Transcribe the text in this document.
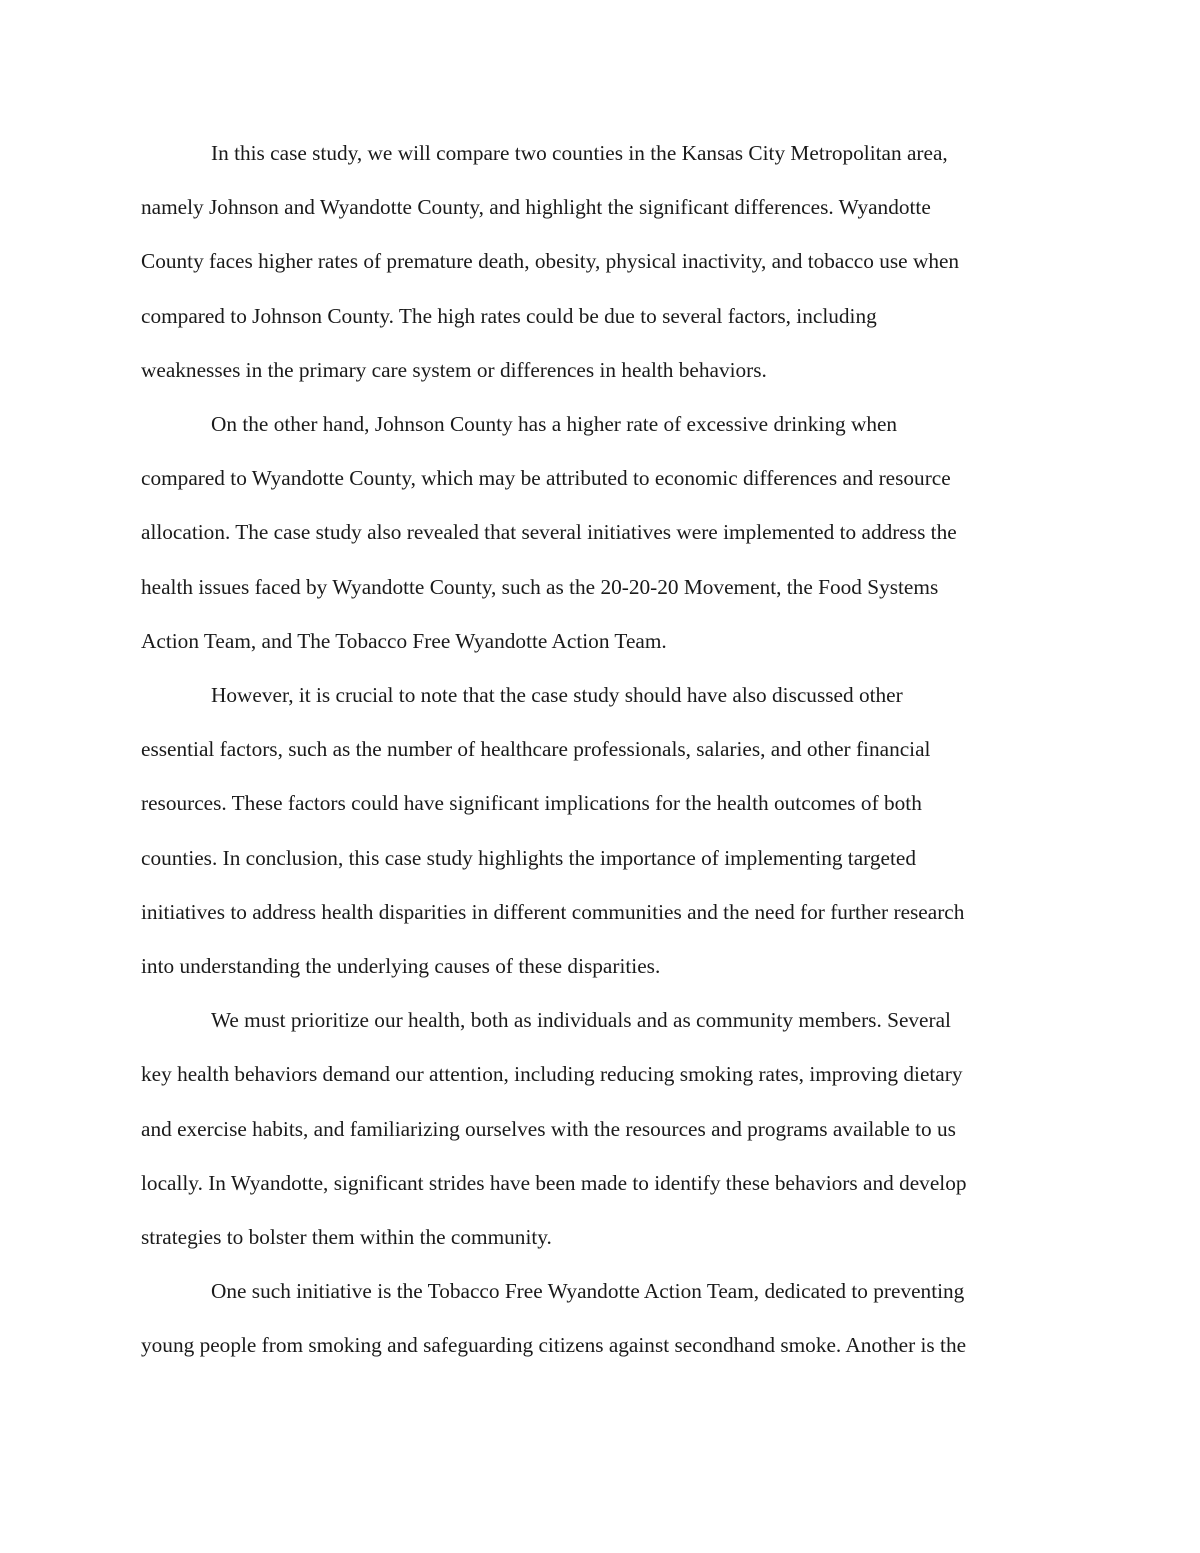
In this case study, we will compare two counties in the Kansas City Metropolitan area,
namely Johnson and Wyandotte County, and highlight the significant differences. Wyandotte
County faces higher rates of premature death, obesity, physical inactivity, and tobacco use when
compared to Johnson County. The high rates could be due to several factors, including
weaknesses in the primary care system or differences in health behaviors.

On the other hand, Johnson County has a higher rate of excessive drinking when
compared to Wyandotte County, which may be attributed to economic differences and resource
allocation. The case study also revealed that several initiatives were implemented to address the
health issues faced by Wyandotte County, such as the 20-20-20 Movement, the Food Systems
Action Team, and The Tobacco Free Wyandotte Action Team.

However, it is crucial to note that the case study should have also discussed other
essential factors, such as the number of healthcare professionals, salaries, and other financial
resources. These factors could have significant implications for the health outcomes of both
counties. In conclusion, this case study highlights the importance of implementing targeted
initiatives to address health disparities in different communities and the need for further research
into understanding the underlying causes of these disparities.

We must prioritize our health, both as individuals and as community members. Several
key health behaviors demand our attention, including reducing smoking rates, improving dietary
and exercise habits, and familiarizing ourselves with the resources and programs available to us
locally. In Wyandotte, significant strides have been made to identify these behaviors and develop
strategies to bolster them within the community.

One such initiative is the Tobacco Free Wyandotte Action Team, dedicated to preventing
young people from smoking and safeguarding citizens against secondhand smoke. Another is the
